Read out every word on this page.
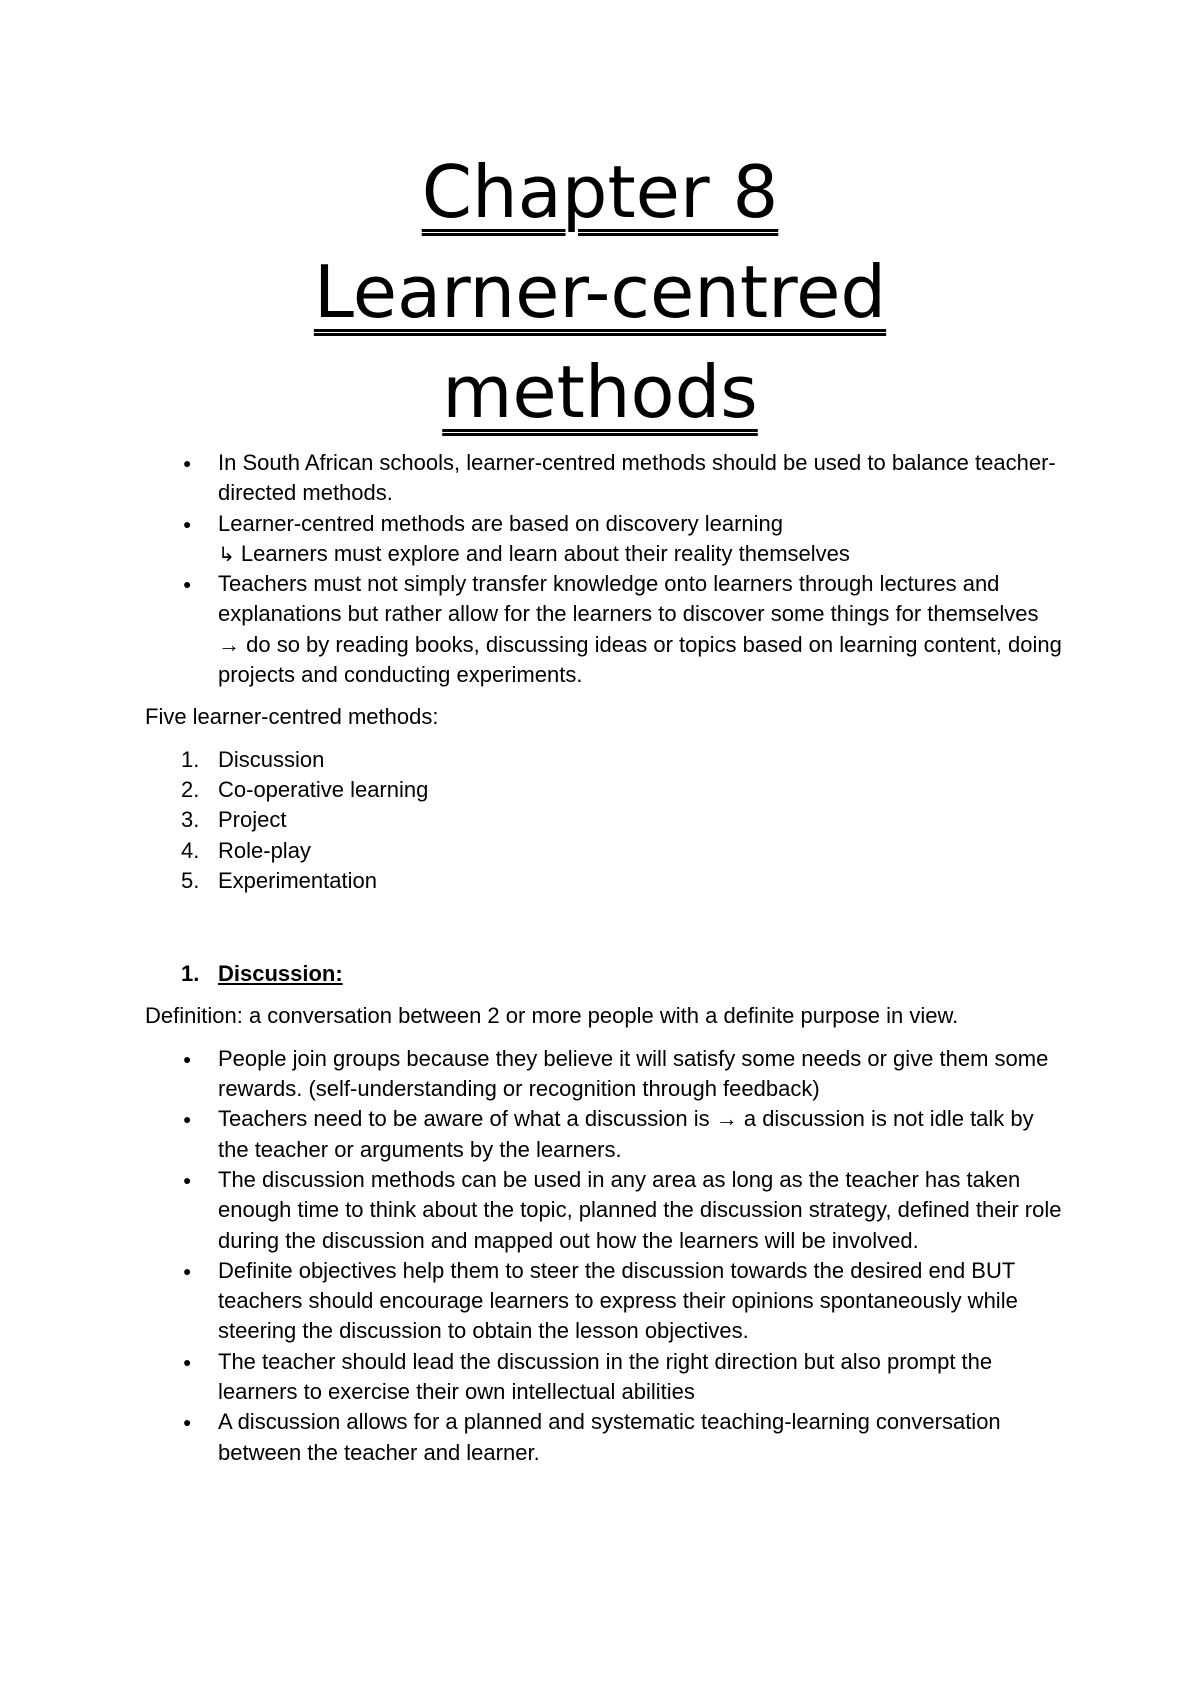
Chapter 8

Learner-centred

methods

● In South African schools, learner-centred methods should be used to balance teacher-directed methods.
● Learner-centred methods are based on discovery learning
↳ Learners must explore and learn about their reality themselves
● Teachers must not simply transfer knowledge onto learners through lectures and explanations but rather allow for the learners to discover some things for themselves → do so by reading books, discussing ideas or topics based on learning content, doing projects and conducting experiments.

Five learner-centred methods:

1. Discussion
2. Co-operative learning
3. Project
4. Role-play
5. Experimentation
1. Discussion:

Definition: a conversation between 2 or more people with a definite purpose in view.

● People join groups because they believe it will satisfy some needs or give them some rewards. (self-understanding or recognition through feedback)
● Teachers need to be aware of what a discussion is → a discussion is not idle talk by the teacher or arguments by the learners.
● The discussion methods can be used in any area as long as the teacher has taken enough time to think about the topic, planned the discussion strategy, defined their role during the discussion and mapped out how the learners will be involved.
● Definite objectives help them to steer the discussion towards the desired end BUT teachers should encourage learners to express their opinions spontaneously while steering the discussion to obtain the lesson objectives.
● The teacher should lead the discussion in the right direction but also prompt the learners to exercise their own intellectual abilities
● A discussion allows for a planned and systematic teaching-learning conversation between the teacher and learner.
